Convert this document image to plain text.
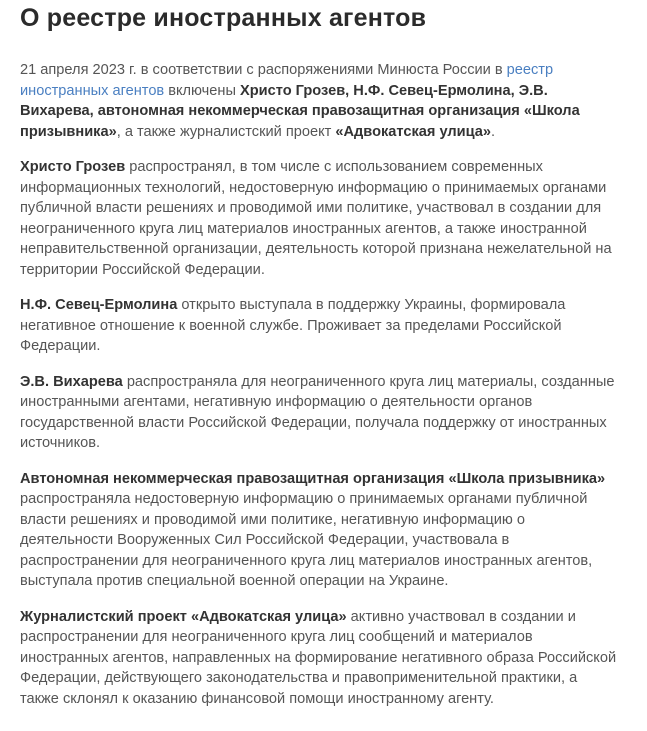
О реестре иностранных агентов

21 апреля 2023 г. в соответствии с распоряжениями Минюста России в реестр иностранных агентов включены Христо Грозев, Н.Ф. Севец-Ермолина, Э.В. Вихарева, автономная некоммерческая правозащитная организация «Школа призывника», а также журналистский проект «Адвокатская улица».

Христо Грозев распространял, в том числе с использованием современных информационных технологий, недостоверную информацию о принимаемых органами публичной власти решениях и проводимой ими политике, участвовал в создании для неограниченного круга лиц материалов иностранных агентов, а также иностранной неправительственной организации, деятельность которой признана нежелательной на территории Российской Федерации.

Н.Ф. Севец-Ермолина открыто выступала в поддержку Украины, формировала негативное отношение к военной службе. Проживает за пределами Российской Федерации.

Э.В. Вихарева распространяла для неограниченного круга лиц материалы, созданные иностранными агентами, негативную информацию о деятельности органов государственной власти Российской Федерации, получала поддержку от иностранных источников.

Автономная некоммерческая правозащитная организация «Школа призывника» распространяла недостоверную информацию о принимаемых органами публичной власти решениях и проводимой ими политике, негативную информацию о деятельности Вооруженных Сил Российской Федерации, участвовала в распространении для неограниченного круга лиц материалов иностранных агентов, выступала против специальной военной операции на Украине.

Журналистский проект «Адвокатская улица» активно участвовал в создании и распространении для неограниченного круга лиц сообщений и материалов иностранных агентов, направленных на формирование негативного образа Российской Федерации, действующего законодательства и правоприменительной практики, а также склонял к оказанию финансовой помощи иностранному агенту.
